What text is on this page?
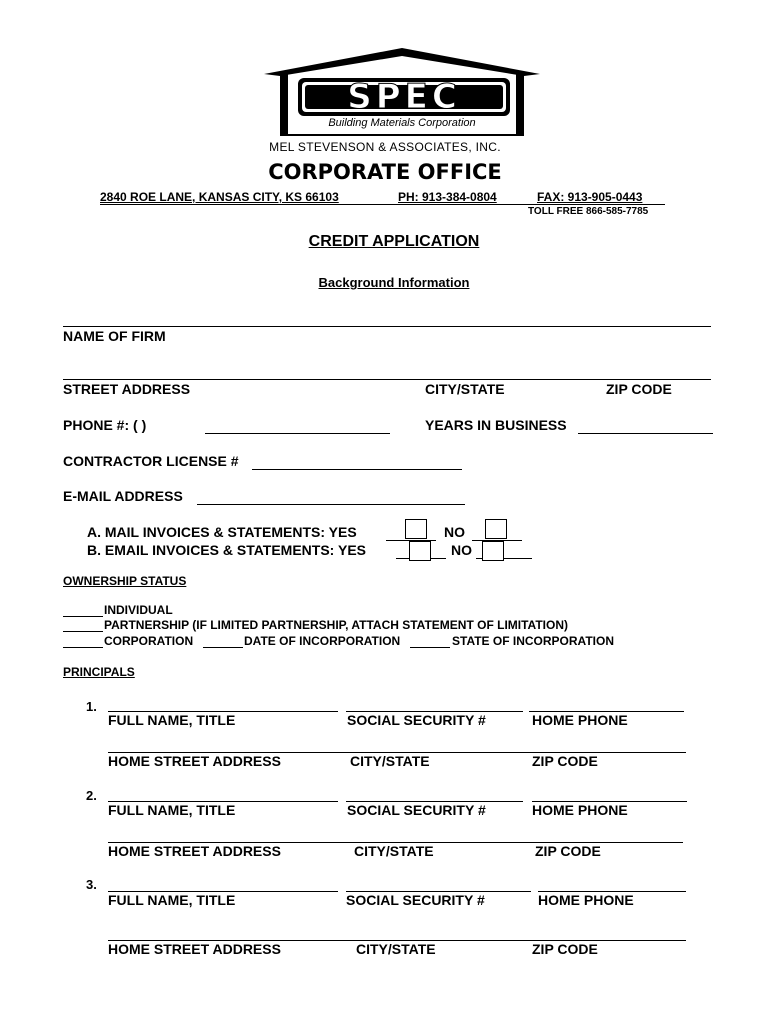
SPEC
Building Materials Corporation
MEL STEVENSON & ASSOCIATES, INC.
CORPORATE OFFICE
2840 ROE LANE, KANSAS CITY, KS 66103	PH: 913-384-0804	FAX: 913-905-0443
TOLL FREE 866-585-7785
CREDIT APPLICATION
Background Information
NAME OF FIRM
STREET ADDRESS	CITY/STATE	ZIP CODE
PHONE #: ( )	YEARS IN BUSINESS
CONTRACTOR LICENSE #
E-MAIL ADDRESS
A. MAIL INVOICES & STATEMENTS: YES	NO
B. EMAIL INVOICES & STATEMENTS: YES	NO
OWNERSHIP STATUS
INDIVIDUAL
PARTNERSHIP (IF LIMITED PARTNERSHIP, ATTACH STATEMENT OF LIMITATION)
CORPORATION	DATE OF INCORPORATION	STATE OF INCORPORATION
PRINCIPALS
1.
FULL NAME, TITLE	SOCIAL SECURITY #	HOME PHONE
HOME STREET ADDRESS	CITY/STATE	ZIP CODE
2.
FULL NAME, TITLE	SOCIAL SECURITY #	HOME PHONE
HOME STREET ADDRESS	CITY/STATE	ZIP CODE
3.
FULL NAME, TITLE	SOCIAL SECURITY #	HOME PHONE
HOME STREET ADDRESS	CITY/STATE	ZIP CODE
